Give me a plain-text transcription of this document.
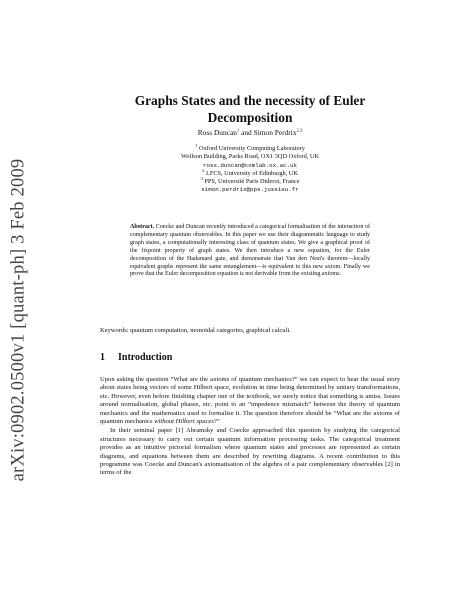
arXiv:0902.0500v1 [quant-ph] 3 Feb 2009
Graphs States and the necessity of Euler Decomposition
Ross Duncan$^1$ and Simon Perdrix$^{2,3}$
$^1$ Oxford University Computing Laboratory
Wolfson Building, Parks Road, OX1 3QD Oxford, UK
ross.duncan@comlab.ox.ac.uk
$^2$ LFCS, University of Edinburgh, UK
$^3$ PPS, Université Paris Diderot, France
simon.perdrix@pps.jussieu.fr

Abstract. Coecke and Duncan recently introduced a categorical formalisation of the interaction of complementary quantum observables. In this paper we use their diagrammatic language to study graph states, a computationally interesting class of quantum states. We give a graphical proof of the fixpoint property of graph states. We then introduce a new equation, for the Euler decomposition of the Hadamard gate, and demonstrate that Van den Nest's theorem—locally equivalent graphs represent the same entanglement—is equivalent to this new axiom. Finally we prove that the Euler decomposition equation is not derivable from the existing axioms.

Keywords: quantum computation, monoidal categories, graphical calculi.

1 Introduction

Upon asking the question “What are the axioms of quantum mechanics?” we can expect to hear the usual story about states being vectors of some Hilbert space, evolution in time being determined by unitary transformations, etc. However, even before finishing chapter one of the textbook, we surely notice that something is amiss. Issues around normalisation, global phases, etc. point to an “impedence mismatch” between the theory of quantum mechanics and the mathematics used to formalise it. The question therefore should be “What are the axioms of quantum mechanics without Hilbert spaces?”

In their seminal paper [1] Abramsky and Coecke approached this question by studying the categorical structures necessary to carry out certain quantum information processing tasks. The categorical treatment provides as an intuitive pictorial formalism where quantum states and processes are represented as certain diagrams, and equations between them are described by rewriting diagrams. A recent contribution to this programme was Coecke and Duncan's axiomatisation of the algebra of a pair complementary observables [2] in terms of the
